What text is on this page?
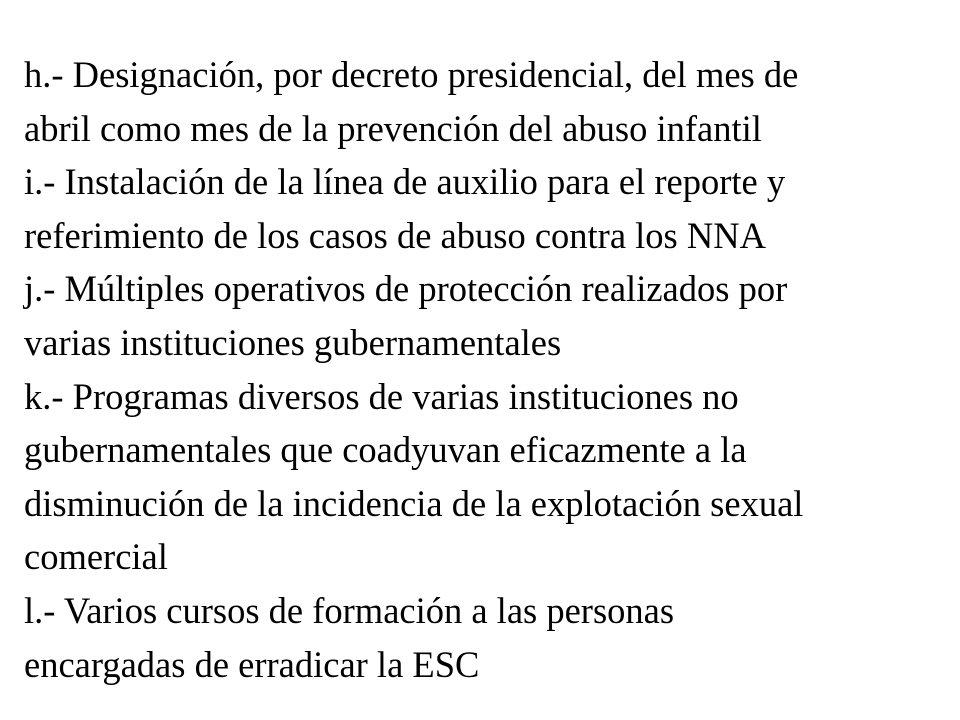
h.- Designación, por decreto presidencial, del mes de
abril como mes de la prevención del abuso infantil
i.- Instalación de la línea de auxilio para el reporte y
referimiento de los casos de abuso contra los NNA
j.- Múltiples operativos de protección realizados por
varias instituciones gubernamentales
k.- Programas diversos de varias instituciones no
gubernamentales que coadyuvan eficazmente a la
disminución de la incidencia de la explotación sexual
comercial
l.- Varios cursos de formación a las personas
encargadas de erradicar la ESC
